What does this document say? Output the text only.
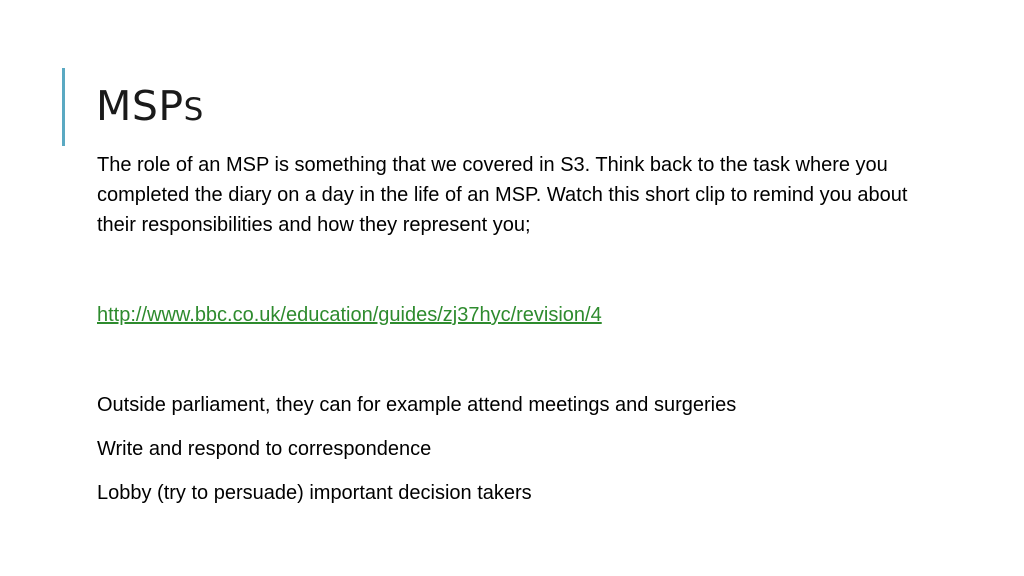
MSPS

The role of an MSP is something that we covered in S3. Think back to the task where you completed the diary on a day in the life of an MSP. Watch this short clip to remind you about their responsibilities and how they represent you;

http://www.bbc.co.uk/education/guides/zj37hyc/revision/4

Outside parliament, they can for example attend meetings and surgeries

Write and respond to correspondence

Lobby (try to persuade) important decision takers
